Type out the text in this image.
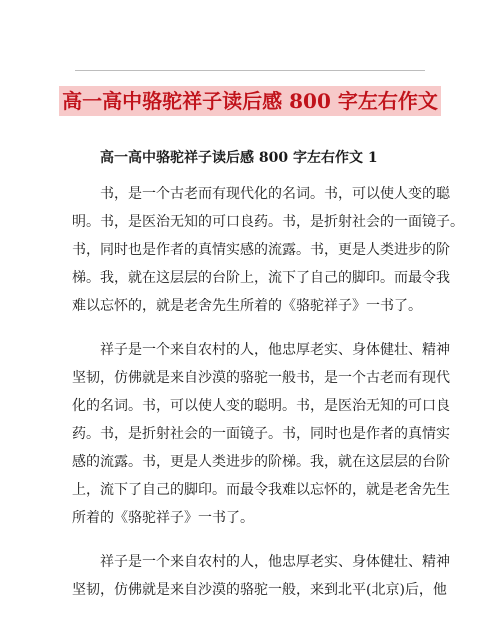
高一高中骆驼祥子读后感 800 字左右作文
高一高中骆驼祥子读后感 800 字左右作文 1

　　书，是一个古老而有现代化的名词。书，可以使人变的聪
明。书，是医治无知的可口良药。书，是折射社会的一面镜子。
书，同时也是作者的真情实感的流露。书，更是人类进步的阶
梯。我，就在这层层的台阶上，流下了自己的脚印。而最令我
难以忘怀的，就是老舍先生所着的《骆驼祥子》一书了。

　　祥子是一个来自农村的人，他忠厚老实、身体健壮、精神
坚韧，仿佛就是来自沙漠的骆驼一般书，是一个古老而有现代
化的名词。书，可以使人变的聪明。书，是医治无知的可口良
药。书，是折射社会的一面镜子。书，同时也是作者的真情实
感的流露。书，更是人类进步的阶梯。我，就在这层层的台阶
上，流下了自己的脚印。而最令我难以忘怀的，就是老舍先生
所着的《骆驼祥子》一书了。

　　祥子是一个来自农村的人，他忠厚老实、身体健壮、精神
坚韧，仿佛就是来自沙漠的骆驼一般，来到北平(北京)后，他
